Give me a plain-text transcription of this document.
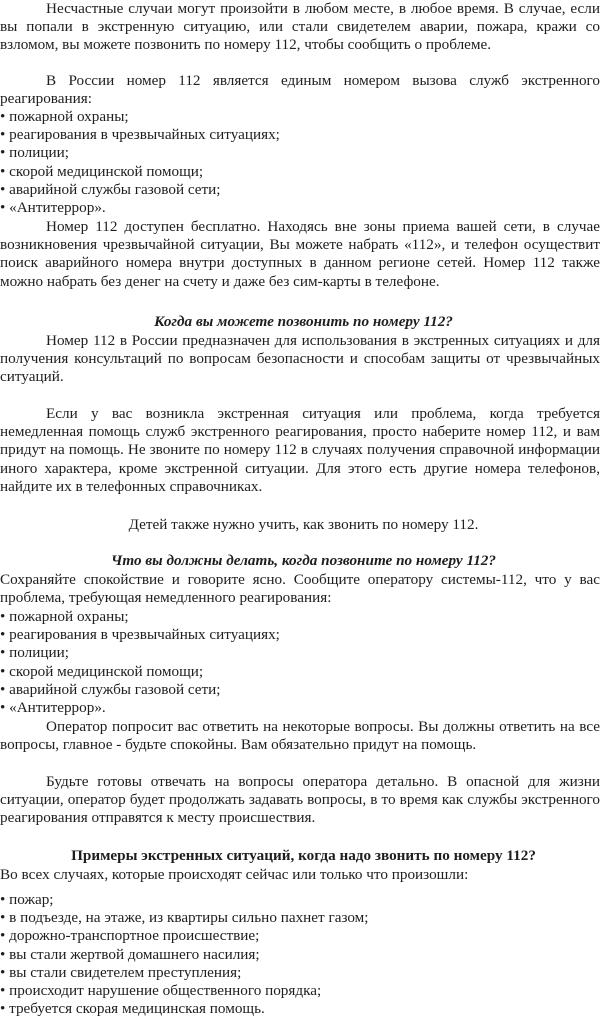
Несчастные случаи могут произойти в любом месте, в любое время. В случае, если вы попали в экстренную ситуацию, или стали свидетелем аварии, пожара, кражи со взломом, вы можете позвонить по номеру 112, чтобы сообщить о проблеме.

В России номер 112 является единым номером вызова служб экстренного реагирования:

• пожарной охраны;
• реагирования в чрезвычайных ситуациях;
• полиции;
• скорой медицинской помощи;
• аварийной службы газовой сети;
• «Антитеррор».

Номер 112 доступен бесплатно. Находясь вне зоны приема вашей сети, в случае возникновения чрезвычайной ситуации, Вы можете набрать «112», и телефон осуществит поиск аварийного номера внутри доступных в данном регионе сетей. Номер 112 также можно набрать без денег на счету и даже без сим-карты в телефоне.

Когда вы можете позвонить по номеру 112?

Номер 112 в России предназначен для использования в экстренных ситуациях и для получения консультаций по вопросам безопасности и способам защиты от чрезвычайных ситуаций.

Если у вас возникла экстренная ситуация или проблема, когда требуется немедленная помощь служб экстренного реагирования, просто наберите номер 112, и вам придут на помощь. Не звоните по номеру 112 в случаях получения справочной информации иного характера, кроме экстренной ситуации. Для этого есть другие номера телефонов, найдите их в телефонных справочниках.

Детей также нужно учить, как звонить по номеру 112.

Что вы должны делать, когда позвоните по номеру 112?

Сохраняйте спокойствие и говорите ясно. Сообщите оператору системы-112, что у вас проблема, требующая немедленного реагирования:

• пожарной охраны;
• реагирования в чрезвычайных ситуациях;
• полиции;
• скорой медицинской помощи;
• аварийной службы газовой сети;
• «Антитеррор».

Оператор попросит вас ответить на некоторые вопросы. Вы должны ответить на все вопросы, главное - будьте спокойны. Вам обязательно придут на помощь.

Будьте готовы отвечать на вопросы оператора детально. В опасной для жизни ситуации, оператор будет продолжать задавать вопросы, в то время как службы экстренного реагирования отправятся к месту происшествия.

Примеры экстренных ситуаций, когда надо звонить по номеру 112?

Во всех случаях, которые происходят сейчас или только что произошли:

• пожар;
• в подъезде, на этаже, из квартиры сильно пахнет газом;
• дорожно-транспортное происшествие;
• вы стали жертвой домашнего насилия;
• вы стали свидетелем преступления;
• происходит нарушение общественного порядка;
• требуется скорая медицинская помощь.
